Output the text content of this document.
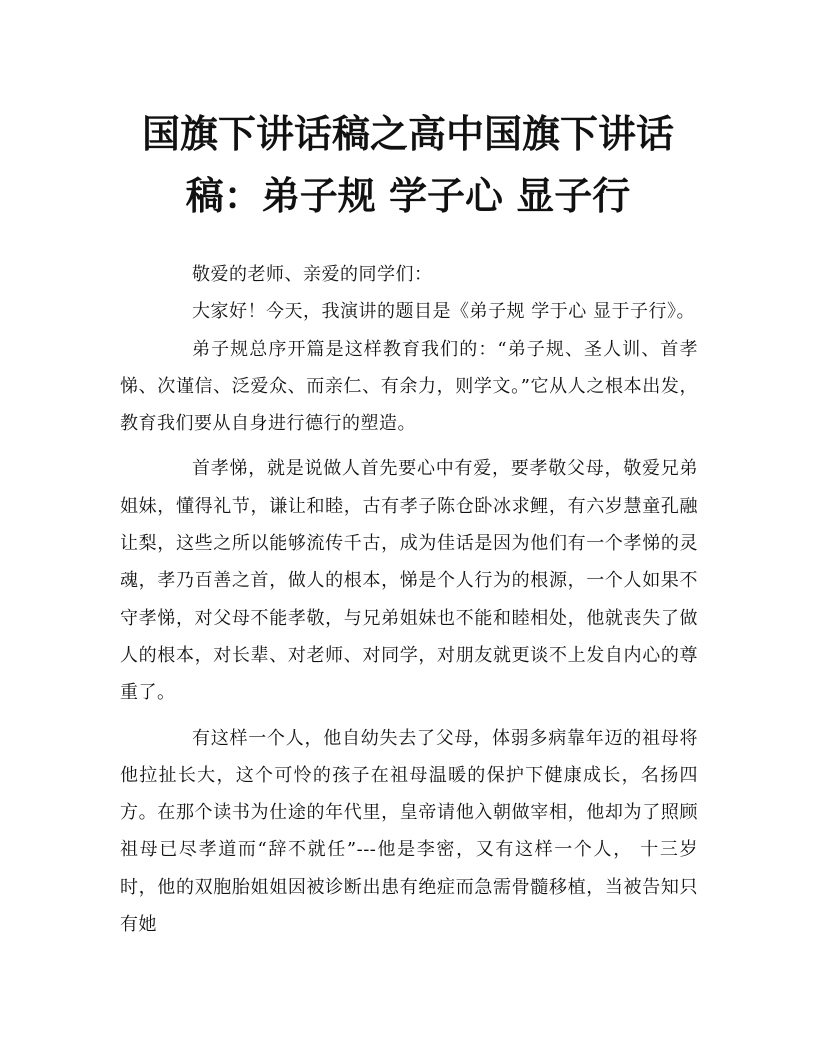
国旗下讲话稿之高中国旗下讲话稿：弟子规 学子心 显子行

敬爱的老师、亲爱的同学们：

大家好！今天，我演讲的题目是《弟子规 学于心 显于子行》。

弟子规总序开篇是这样教育我们的：“弟子规、圣人训、首孝悌、次谨信、泛爱众、而亲仁、有余力，则学文。”它从人之根本出发，教育我们要从自身进行德行的塑造。

首孝悌，就是说做人首先要心中有爱，要孝敬父母，敬爱兄弟姐妹，懂得礼节，谦让和睦，古有孝子陈仓卧冰求鲤，有六岁慧童孔融让梨，这些之所以能够流传千古，成为佳话是因为他们有一个孝悌的灵魂，孝乃百善之首，做人的根本，悌是个人行为的根源，一个人如果不守孝悌，对父母不能孝敬，与兄弟姐妹也不能和睦相处，他就丧失了做人的根本，对长辈、对老师、对同学，对朋友就更谈不上发自内心的尊重了。

有这样一个人，他自幼失去了父母，体弱多病靠年迈的祖母将他拉扯长大，这个可怜的孩子在祖母温暖的保护下健康成长，名扬四方。在那个读书为仕途的年代里，皇帝请他入朝做宰相，他却为了照顾祖母已尽孝道而“辞不就任”---他是李密，又有这样一个人， 十三岁时，他的双胞胎姐姐因被诊断出患有绝症而急需骨髓移植，当被告知只有她
